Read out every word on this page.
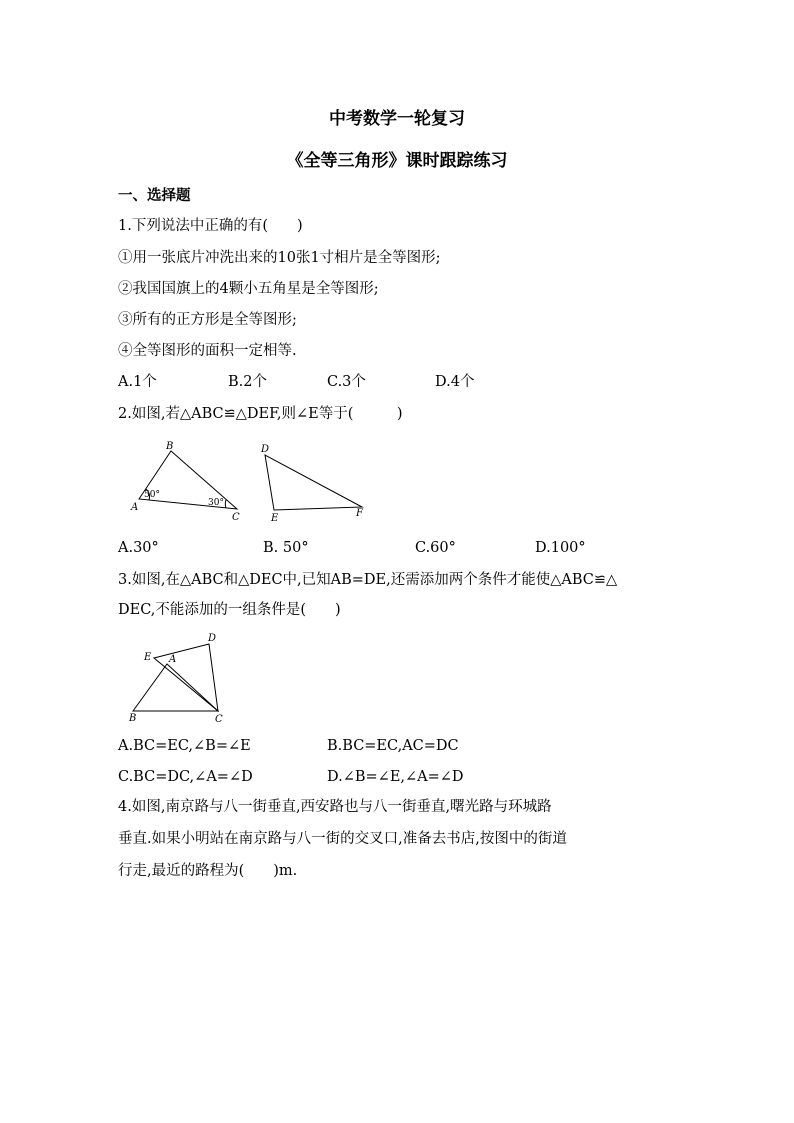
中考数学一轮复习
《全等三角形》课时跟踪练习
一、选择题
1.下列说法中正确的有(　　)
①用一张底片冲洗出来的10张1寸相片是全等图形;
②我国国旗上的4颗小五角星是全等图形;
③所有的正方形是全等图形;
④全等图形的面积一定相等.
A.1个	B.2个	C.3个	D.4个
2.如图,若△ABC≌△DEF,则∠E等于(　　　)
B
A
C
50°
30°
D
E	F
A.30°	B. 50°	C.60°	D.100°
3.如图,在△ABC和△DEC中,已知AB=DE,还需添加两个条件才能使△ABC≌△
DEC,不能添加的一组条件是(　　)
D
E A
B	C
A.BC=EC,∠B=∠E	B.BC=EC,AC=DC
C.BC=DC,∠A=∠D	D.∠B=∠E,∠A=∠D
4.如图,南京路与八一街垂直,西安路也与八一街垂直,曙光路与环城路
垂直.如果小明站在南京路与八一街的交叉口,准备去书店,按图中的街道
行走,最近的路程为(　　)m.
